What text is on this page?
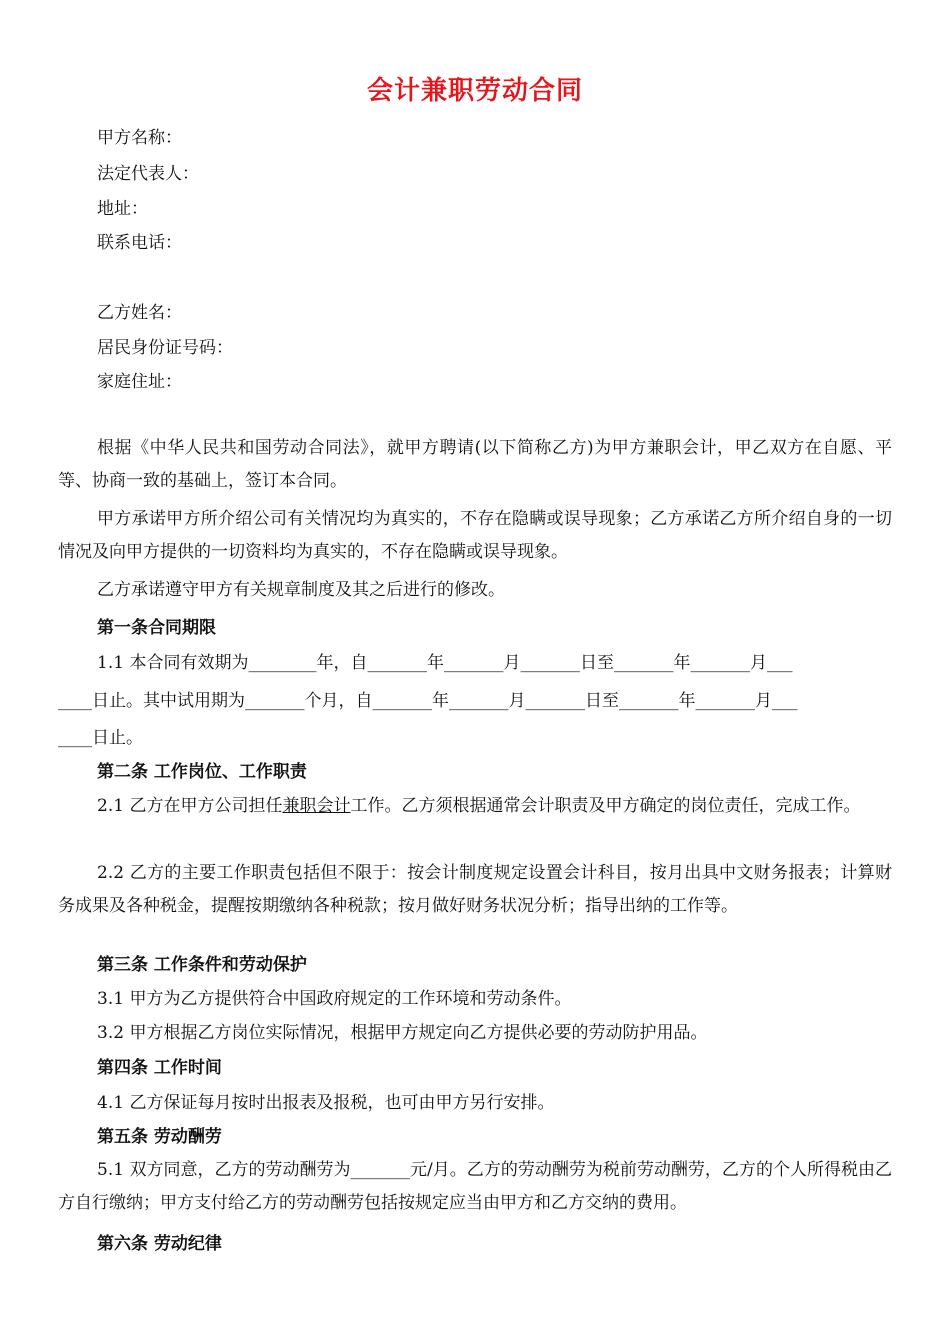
会计兼职劳动合同
甲方名称：
法定代表人：
地址：
联系电话：
乙方姓名：
居民身份证号码：
家庭住址：

根据《中华人民共和国劳动合同法》，就甲方聘请(以下简称乙方)为甲方兼职会计，甲乙双方在自愿、平等、协商一致的基础上，签订本合同。

甲方承诺甲方所介绍公司有关情况均为真实的，不存在隐瞒或误导现象；乙方承诺乙方所介绍自身的一切情况及向甲方提供的一切资料均为真实的，不存在隐瞒或误导现象。

乙方承诺遵守甲方有关规章制度及其之后进行的修改。

第一条合同期限

1.1 本合同有效期为________年，自_______年_______月_______日至_______年_______月___

____日止。其中试用期为_______个月，自_______年_______月_______日至_______年_______月___

____日止。

第二条 工作岗位、工作职责

2.1 乙方在甲方公司担任兼职会计工作。乙方须根据通常会计职责及甲方确定的岗位责任，完成工作。

2.2 乙方的主要工作职责包括但不限于：按会计制度规定设置会计科目，按月出具中文财务报表；计算财务成果及各种税金，提醒按期缴纳各种税款；按月做好财务状况分析；指导出纳的工作等。

第三条 工作条件和劳动保护

3.1 甲方为乙方提供符合中国政府规定的工作环境和劳动条件。

3.2 甲方根据乙方岗位实际情况，根据甲方规定向乙方提供必要的劳动防护用品。

第四条 工作时间

4.1 乙方保证每月按时出报表及报税，也可由甲方另行安排。

第五条 劳动酬劳

5.1 双方同意，乙方的劳动酬劳为_______元/月。乙方的劳动酬劳为税前劳动酬劳，乙方的个人所得税由乙方自行缴纳；甲方支付给乙方的劳动酬劳包括按规定应当由甲方和乙方交纳的费用。

第六条 劳动纪律
